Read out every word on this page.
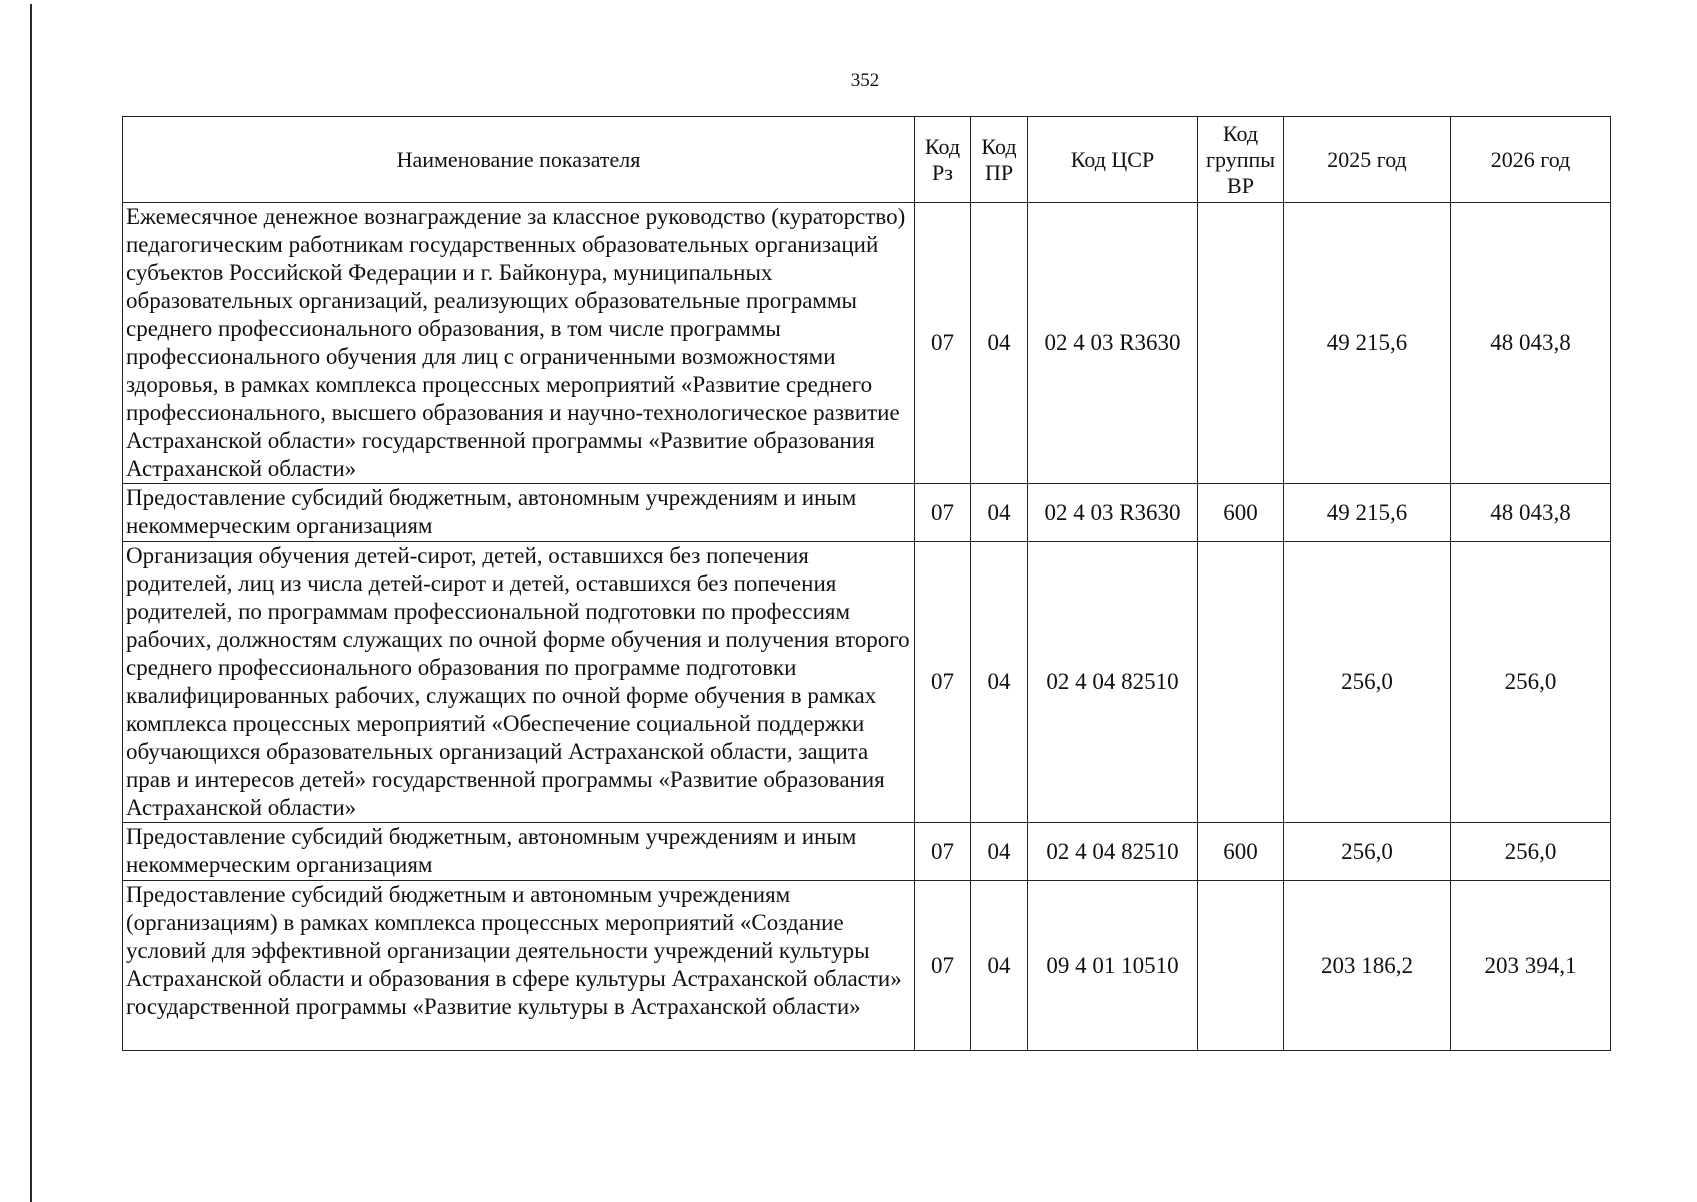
352
Наименование показателя	Код Рз	Код ПР	Код ЦСР	Код группы ВР	2025 год	2026 год
Ежемесячное денежное вознаграждение за классное руководство (кураторство) педагогическим работникам государственных образовательных организаций субъектов Российской Федерации и г. Байконура, муниципальных образовательных организаций, реализующих образовательные программы среднего профессионального образования, в том числе программы профессионального обучения для лиц с ограниченными возможностями здоровья, в рамках комплекса процессных мероприятий «Развитие среднего профессионального, высшего образования и научно-технологическое развитие Астраханской области» государственной программы «Развитие образования Астраханской области»	07	04	02 4 03 R3630		49 215,6	48 043,8
Предоставление субсидий бюджетным, автономным учреждениям и иным некоммерческим организациям	07	04	02 4 03 R3630	600	49 215,6	48 043,8
Организация обучения детей-сирот, детей, оставшихся без попечения родителей, лиц из числа детей-сирот и детей, оставшихся без попечения родителей, по программам профессиональной подготовки по профессиям рабочих, должностям служащих по очной форме обучения и получения второго среднего профессионального образования по программе подготовки квалифицированных рабочих, служащих по очной форме обучения в рамках комплекса процессных мероприятий «Обеспечение социальной поддержки обучающихся образовательных организаций Астраханской области, защита прав и интересов детей» государственной программы «Развитие образования Астраханской области»	07	04	02 4 04 82510		256,0	256,0
Предоставление субсидий бюджетным, автономным учреждениям и иным некоммерческим организациям	07	04	02 4 04 82510	600	256,0	256,0
Предоставление субсидий бюджетным и автономным учреждениям (организациям) в рамках комплекса процессных мероприятий «Создание условий для эффективной организации деятельности учреждений культуры Астраханской области и образования в сфере культуры Астраханской области» государственной программы «Развитие культуры в Астраханской области»	07	04	09 4 01 10510		203 186,2	203 394,1
